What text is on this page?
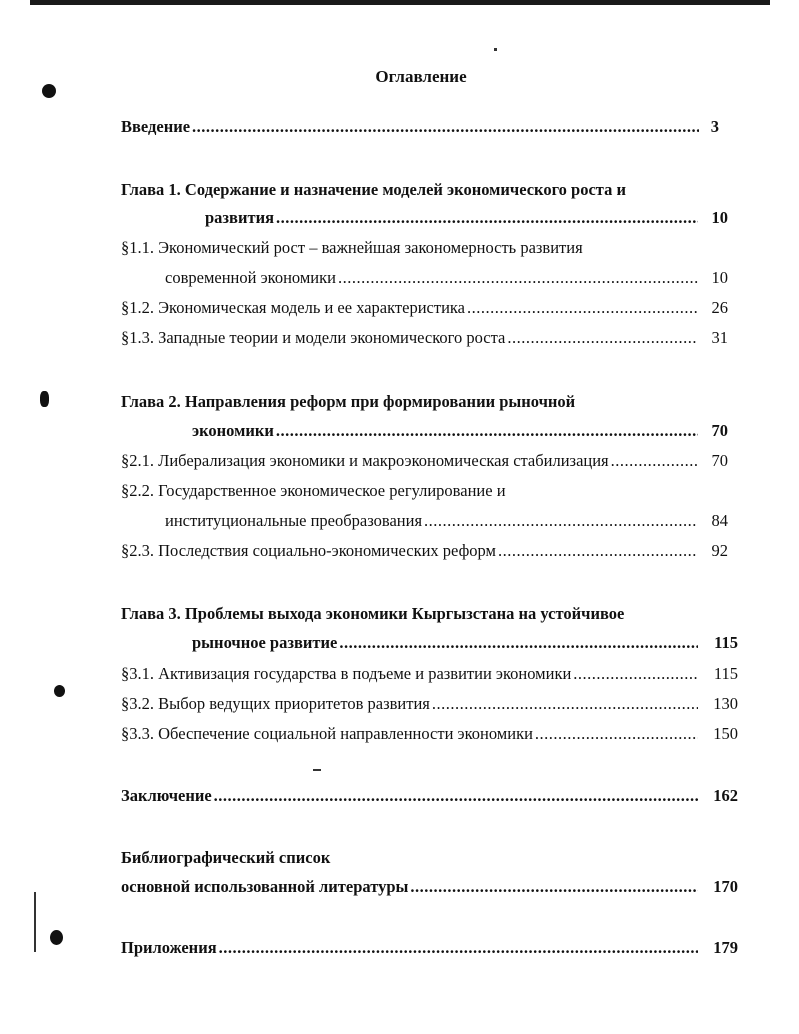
Оглавление
Введение .....	3
Глава 1. Содержание и назначение моделей экономического роста и
развития .....	10
§1.1. Экономический рост – важнейшая закономерность развития
современной экономики .....	10
§1.2. Экономическая модель и ее характеристика .....	26
§1.3. Западные теории и модели экономического роста .....	31
Глава 2. Направления реформ при формировании рыночной
экономики .....	70
§2.1. Либерализация экономики и макроэкономическая стабилизация .....	70
§2.2. Государственное экономическое регулирование и
институциональные преобразования .....	84
§2.3. Последствия социально-экономических реформ .....	92
Глава 3. Проблемы выхода экономики Кыргызстана на устойчивое
рыночное развитие .....	115
§3.1. Активизация государства в подъеме и развитии экономики .....	115
§3.2. Выбор ведущих приоритетов развития .....	130
§3.3. Обеспечение социальной направленности экономики .....	150
Заключение .....	162
Библиографический список
основной использованной литературы .....	170
Приложения .....	179
